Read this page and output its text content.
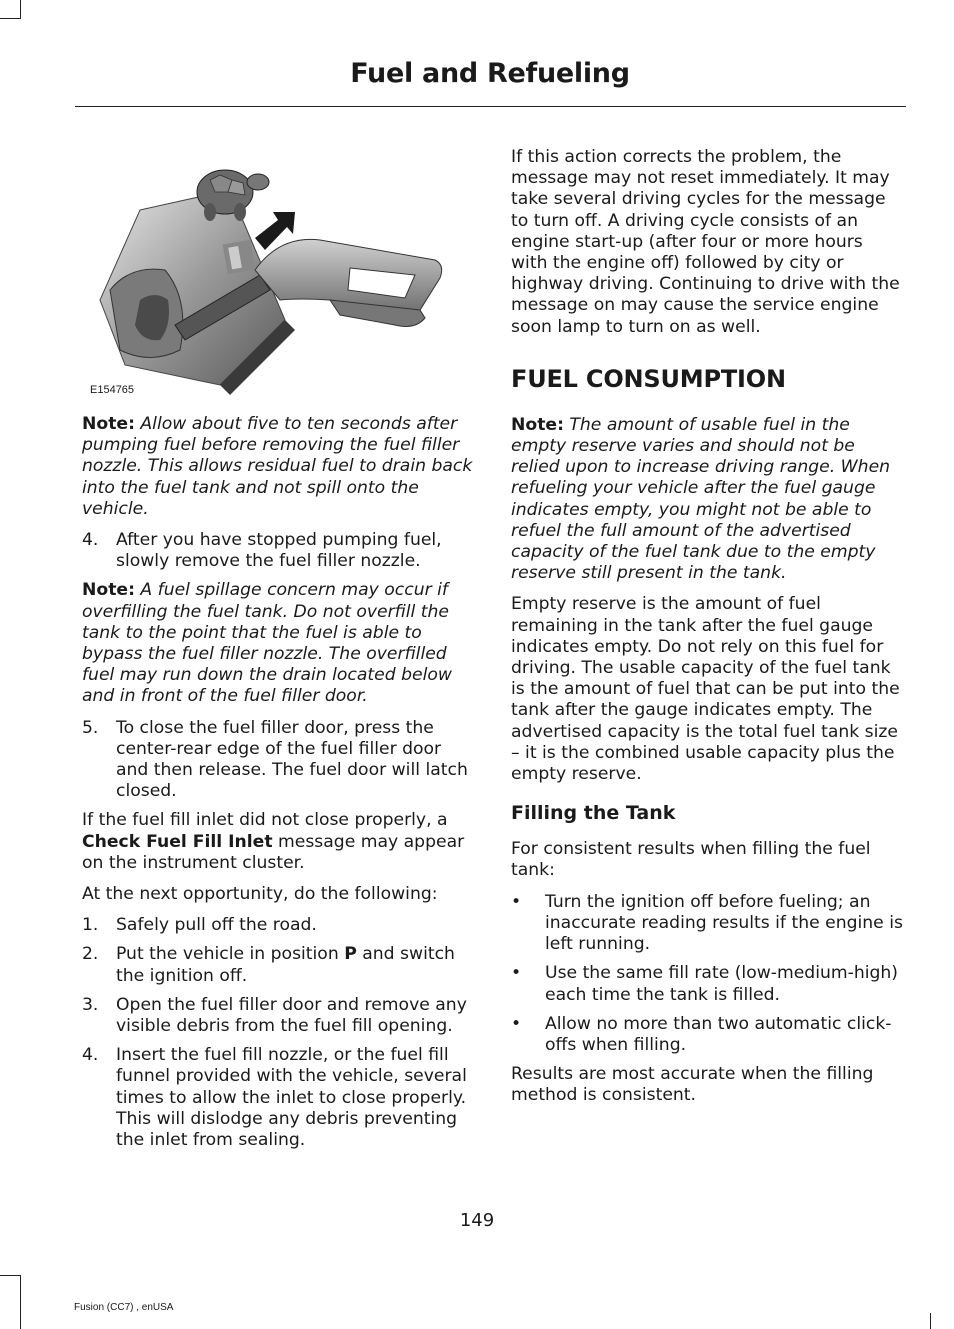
Fuel and Refueling
E154765

Note: Allow about five to ten seconds after pumping fuel before removing the fuel filler nozzle. This allows residual fuel to drain back into the fuel tank and not spill onto the vehicle.

4. After you have stopped pumping fuel, slowly remove the fuel filler nozzle.

Note: A fuel spillage concern may occur if overfilling the fuel tank. Do not overfill the tank to the point that the fuel is able to bypass the fuel filler nozzle. The overfilled fuel may run down the drain located below and in front of the fuel filler door.

5. To close the fuel filler door, press the center-rear edge of the fuel filler door and then release. The fuel door will latch closed.

If the fuel fill inlet did not close properly, a Check Fuel Fill Inlet message may appear on the instrument cluster.

At the next opportunity, do the following:

1. Safely pull off the road.
2. Put the vehicle in position P and switch the ignition off.
3. Open the fuel filler door and remove any visible debris from the fuel fill opening.
4. Insert the fuel fill nozzle, or the fuel fill funnel provided with the vehicle, several times to allow the inlet to close properly. This will dislodge any debris preventing the inlet from sealing.

If this action corrects the problem, the message may not reset immediately. It may take several driving cycles for the message to turn off. A driving cycle consists of an engine start-up (after four or more hours with the engine off) followed by city or highway driving. Continuing to drive with the message on may cause the service engine soon lamp to turn on as well.

FUEL CONSUMPTION

Note: The amount of usable fuel in the empty reserve varies and should not be relied upon to increase driving range. When refueling your vehicle after the fuel gauge indicates empty, you might not be able to refuel the full amount of the advertised capacity of the fuel tank due to the empty reserve still present in the tank.

Empty reserve is the amount of fuel remaining in the tank after the fuel gauge indicates empty. Do not rely on this fuel for driving. The usable capacity of the fuel tank is the amount of fuel that can be put into the tank after the gauge indicates empty. The advertised capacity is the total fuel tank size – it is the combined usable capacity plus the empty reserve.

Filling the Tank

For consistent results when filling the fuel tank:

• Turn the ignition off before fueling; an inaccurate reading results if the engine is left running.
• Use the same fill rate (low-medium-high) each time the tank is filled.
• Allow no more than two automatic click-offs when filling.

Results are most accurate when the filling method is consistent.

149
Fusion (CC7) , enUSA
